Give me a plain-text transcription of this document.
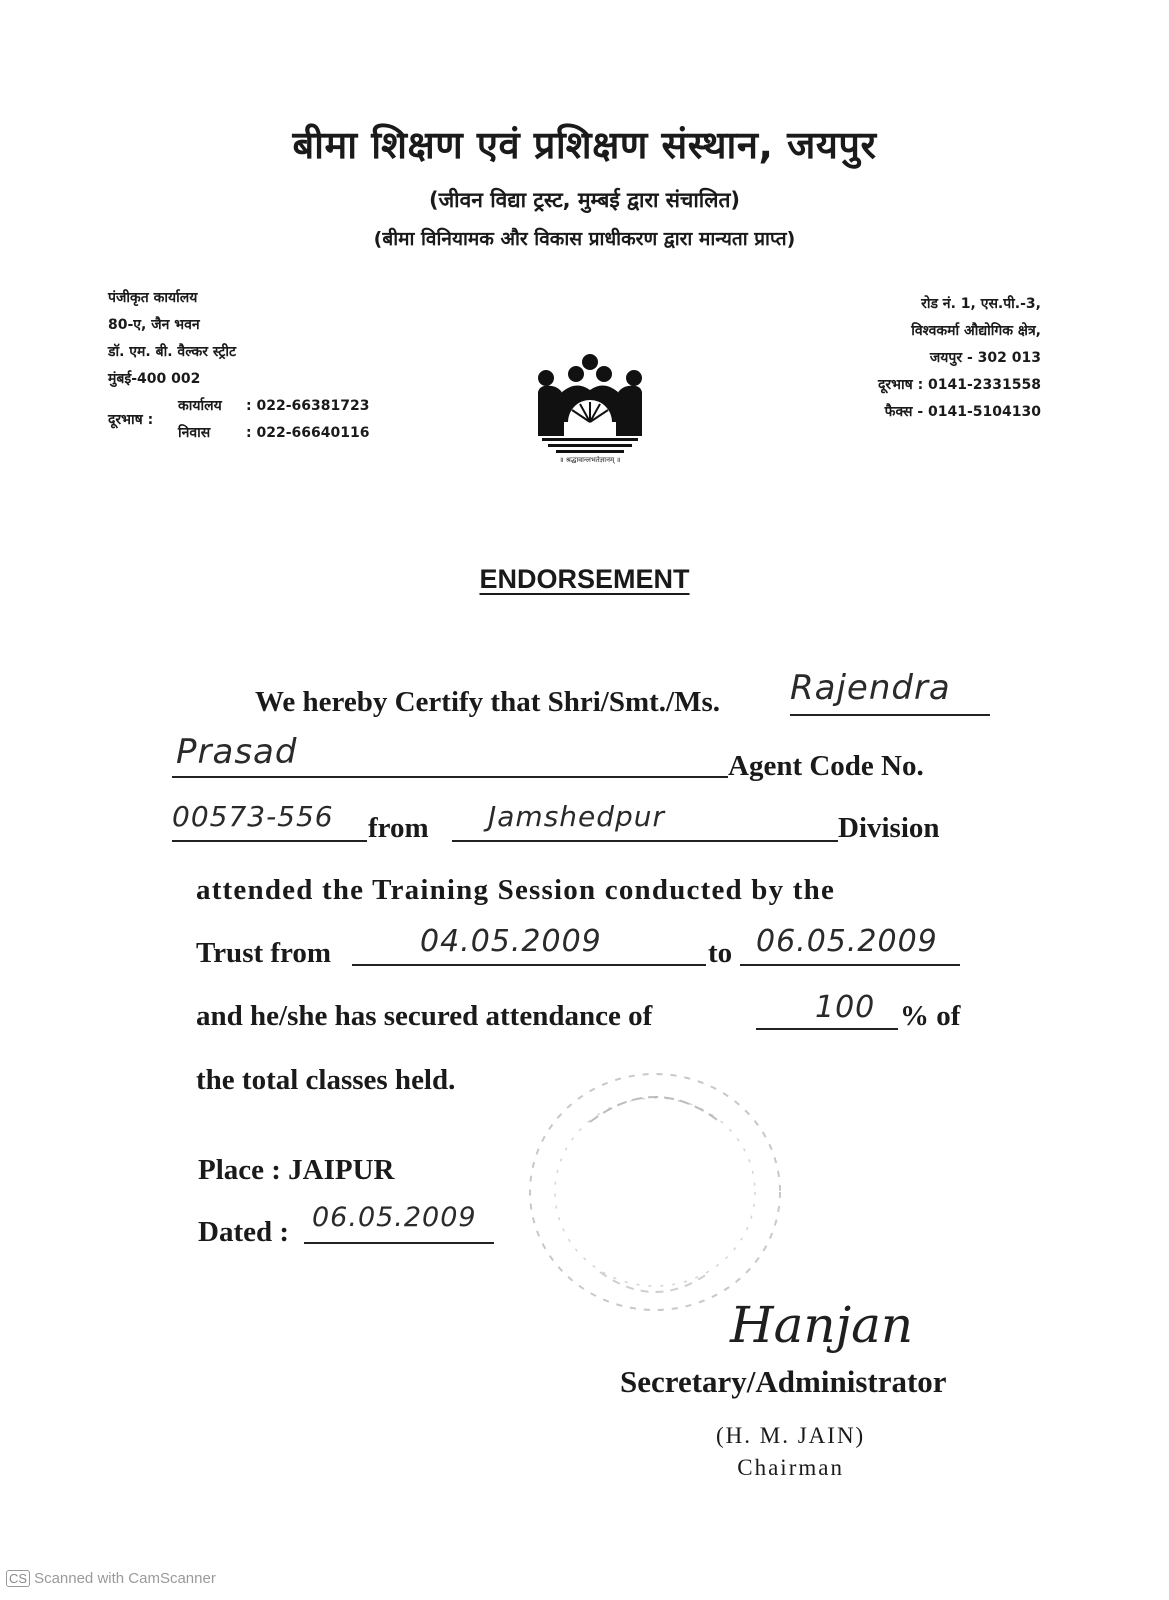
बीमा शिक्षण एवं प्रशिक्षण संस्थान, जयपुर
(जीवन विद्या ट्रस्ट, मुम्बई द्वारा संचालित)
(बीमा विनियामक और विकास प्राधीकरण द्वारा मान्यता प्राप्त)
पंजीकृत कार्यालय
80-ए, जैन भवन
डॉ. एम. बी. वैल्कर स्ट्रीट
मुंबई-400 002
दूरभाष :
कार्यालय : 022-66381723
निवास	: 022-66640116
रोड नं. 1, एस.पी.-3,
विश्वकर्मा औद्योगिक क्षेत्र,
जयपुर - 302 013
दूरभाष : 0141-2331558
फैक्स - 0141-5104130
॥ श्रद्धावान्लभतेज्ञानम् ॥
ENDORSEMENT
We hereby Certify that Shri/Smt./Ms. Rajendra
Prasad	Agent Code No.
00573-556 from Jamshedpur	Division
attended the Training Session conducted by the
Trust from	04.05.2009	to 06.05.2009
and he/she has secured attendance of	100 % of
the total classes held.
Place : JAIPUR
Dated : 06.05.2009
Hanjan
Secretary/Administrator
(H. M. JAIN)
Chairman
CS Scanned with CamScanner
